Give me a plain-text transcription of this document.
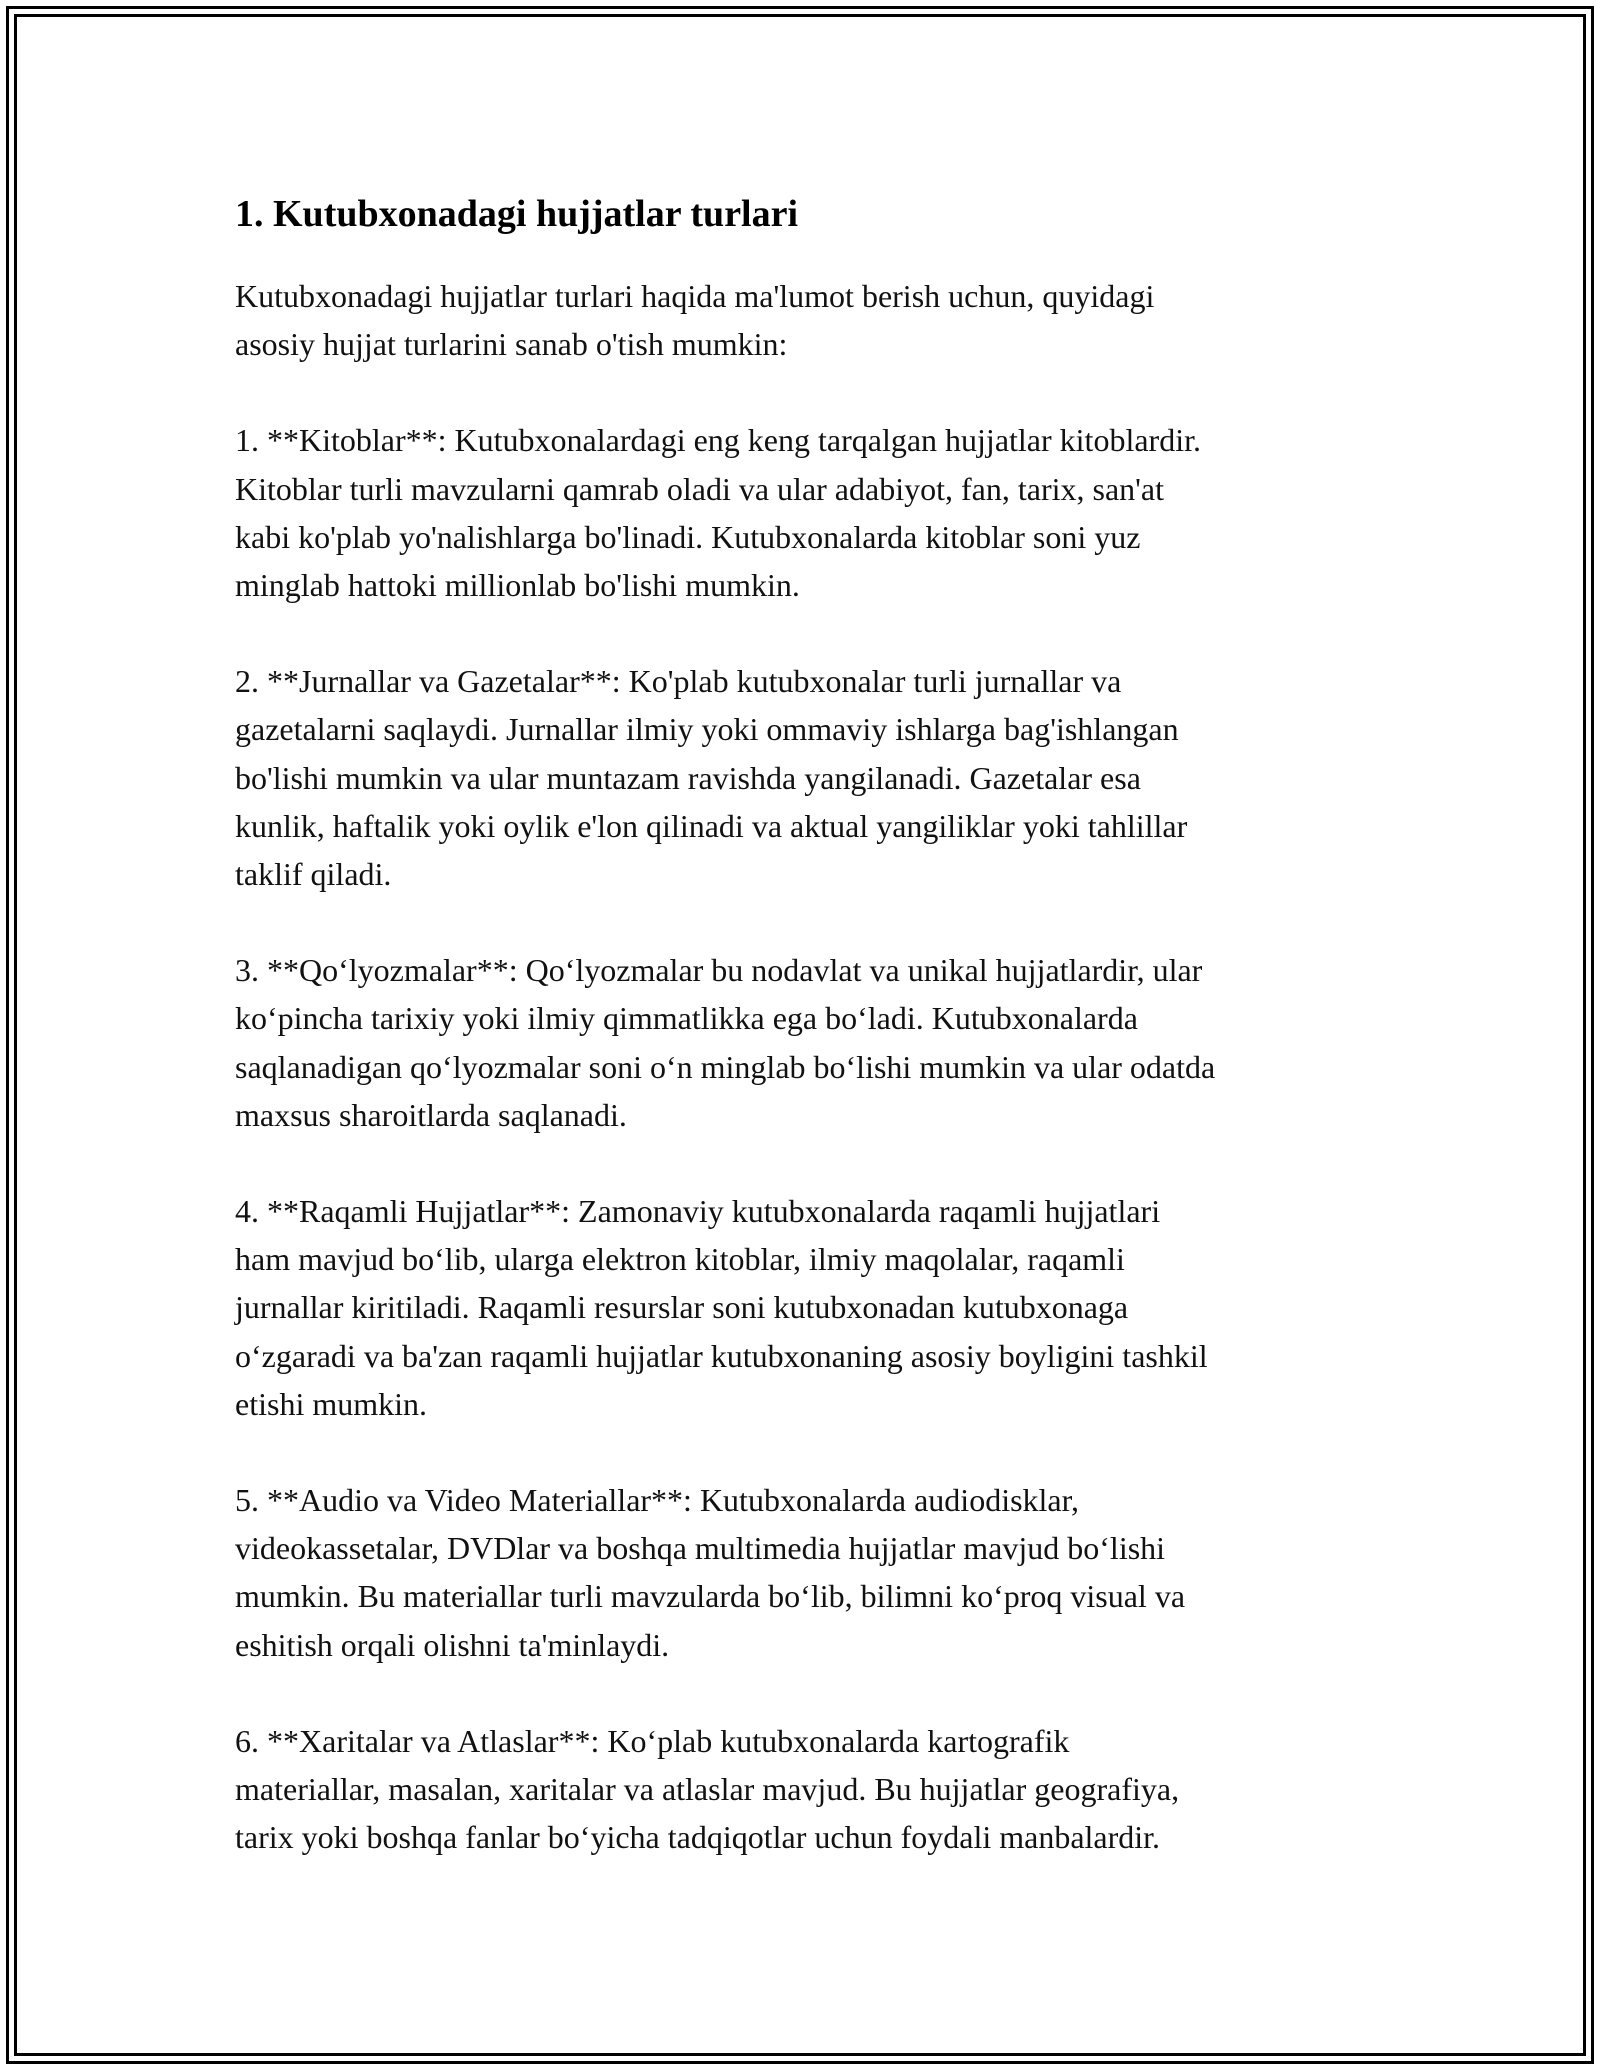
1. Kutubxonadagi hujjatlar turlari

Kutubxonadagi hujjatlar turlari haqida ma'lumot berish uchun, quyidagi
asosiy hujjat turlarini sanab o'tish mumkin:

1. **Kitoblar**: Kutubxonalardagi eng keng tarqalgan hujjatlar kitoblardir.
Kitoblar turli mavzularni qamrab oladi va ular adabiyot, fan, tarix, san'at
kabi ko'plab yo'nalishlarga bo'linadi. Kutubxonalarda kitoblar soni yuz
minglab hattoki millionlab bo'lishi mumkin.

2. **Jurnallar va Gazetalar**: Ko'plab kutubxonalar turli jurnallar va
gazetalarni saqlaydi. Jurnallar ilmiy yoki ommaviy ishlarga bag'ishlangan
bo'lishi mumkin va ular muntazam ravishda yangilanadi. Gazetalar esa
kunlik, haftalik yoki oylik e'lon qilinadi va aktual yangiliklar yoki tahlillar
taklif qiladi.

3. **Qo‘lyozmalar**: Qo‘lyozmalar bu nodavlat va unikal hujjatlardir, ular
ko‘pincha tarixiy yoki ilmiy qimmatlikka ega bo‘ladi. Kutubxonalarda
saqlanadigan qo‘lyozmalar soni o‘n minglab bo‘lishi mumkin va ular odatda
maxsus sharoitlarda saqlanadi.

4. **Raqamli Hujjatlar**: Zamonaviy kutubxonalarda raqamli hujjatlari
ham mavjud bo‘lib, ularga elektron kitoblar, ilmiy maqolalar, raqamli
jurnallar kiritiladi. Raqamli resurslar soni kutubxonadan kutubxonaga
o‘zgaradi va ba'zan raqamli hujjatlar kutubxonaning asosiy boyligini tashkil
etishi mumkin.

5. **Audio va Video Materiallar**: Kutubxonalarda audiodisklar,
videokassetalar, DVDlar va boshqa multimedia hujjatlar mavjud bo‘lishi
mumkin. Bu materiallar turli mavzularda bo‘lib, bilimni ko‘proq visual va
eshitish orqali olishni ta'minlaydi.

6. **Xaritalar va Atlaslar**: Ko‘plab kutubxonalarda kartografik
materiallar, masalan, xaritalar va atlaslar mavjud. Bu hujjatlar geografiya,
tarix yoki boshqa fanlar bo‘yicha tadqiqotlar uchun foydali manbalardir.
